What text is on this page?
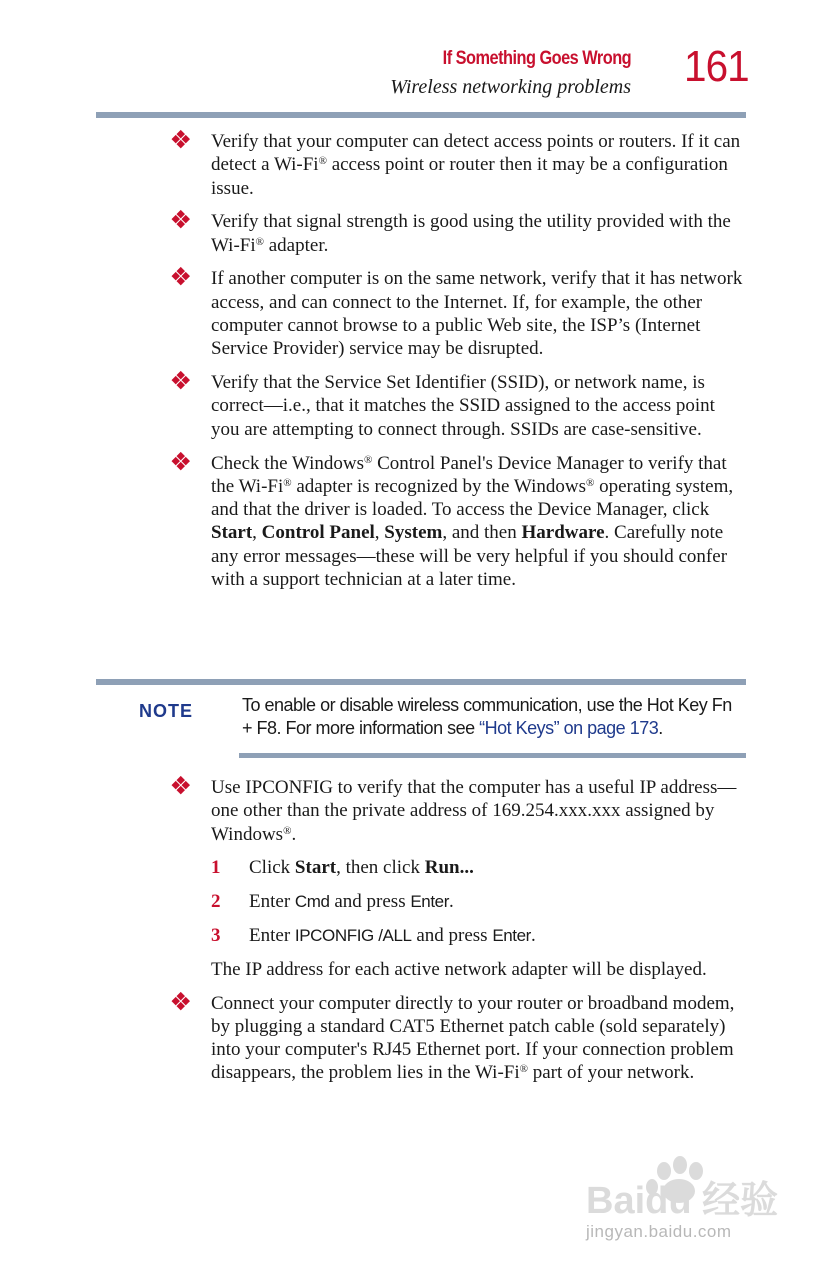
If Something Goes Wrong
Wireless networking problems 161
Verify that your computer can detect access points or routers. If it can detect a Wi-Fi® access point or router then it may be a configuration issue.
Verify that signal strength is good using the utility provided with the Wi-Fi® adapter.
If another computer is on the same network, verify that it has network access, and can connect to the Internet. If, for example, the other computer cannot browse to a public Web site, the ISP’s (Internet Service Provider) service may be disrupted.
Verify that the Service Set Identifier (SSID), or network name, is correct—i.e., that it matches the SSID assigned to the access point you are attempting to connect through. SSIDs are case-sensitive.
Check the Windows® Control Panel's Device Manager to verify that the Wi-Fi® adapter is recognized by the Windows® operating system, and that the driver is loaded. To access the Device Manager, click Start, Control Panel, System, and then Hardware. Carefully note any error messages—these will be very helpful if you should confer with a support technician at a later time.
NOTE	To enable or disable wireless communication, use the Hot Key Fn + F8. For more information see “Hot Keys” on page 173.
Use IPCONFIG to verify that the computer has a useful IP address—one other than the private address of 169.254.xxx.xxx assigned by Windows®.
1 Click Start, then click Run...
2 Enter Cmd and press Enter.
3 Enter IPCONFIG /ALL and press Enter.
The IP address for each active network adapter will be displayed.
Connect your computer directly to your router or broadband modem, by plugging a standard CAT5 Ethernet patch cable (sold separately) into your computer's RJ45 Ethernet port. If your connection problem disappears, the problem lies in the Wi-Fi® part of your network.
Baidu 经验
jingyan.baidu.com
